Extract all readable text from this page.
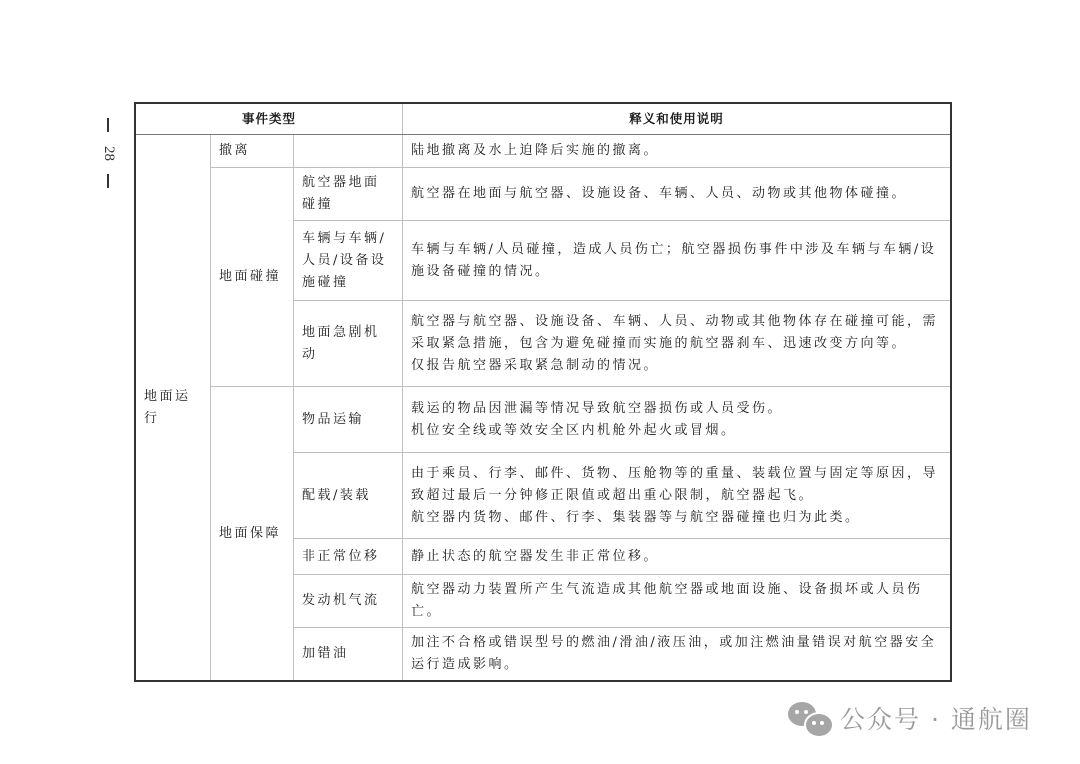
28
事件类型			释义和使用说明
地面运行	撤离		陆地撤离及水上迫降后实施的撤离。

	地面碰撞	航空器地面碰撞	航空器在地面与航空器、设施设备、车辆、人员、动物或其他物体碰撞。

		车辆与车辆/人员/设备设施碰撞	车辆与车辆/人员碰撞，造成人员伤亡；航空器损伤事件中涉及车辆与车辆/设施设备碰撞的情况。

		地面急剧机动	航空器与航空器、设施设备、车辆、人员、动物或其他物体存在碰撞可能，需采取紧急措施，包含为避免碰撞而实施的航空器刹车、迅速改变方向等。
仅报告航空器采取紧急制动的情况。

	地面保障	物品运输	载运的物品因泄漏等情况导致航空器损伤或人员受伤。
机位安全线或等效安全区内机舱外起火或冒烟。

		配载/装载	由于乘员、行李、邮件、货物、压舱物等的重量、装载位置与固定等原因，导致超过最后一分钟修正限值或超出重心限制，航空器起飞。
航空器内货物、邮件、行李、集装器等与航空器碰撞也归为此类。

		非正常位移	静止状态的航空器发生非正常位移。

		发动机气流	航空器动力装置所产生气流造成其他航空器或地面设施、设备损坏或人员伤亡。

		加错油	加注不合格或错误型号的燃油/滑油/液压油，或加注燃油量错误对航空器安全运行造成影响。
公众号 · 通航圈
